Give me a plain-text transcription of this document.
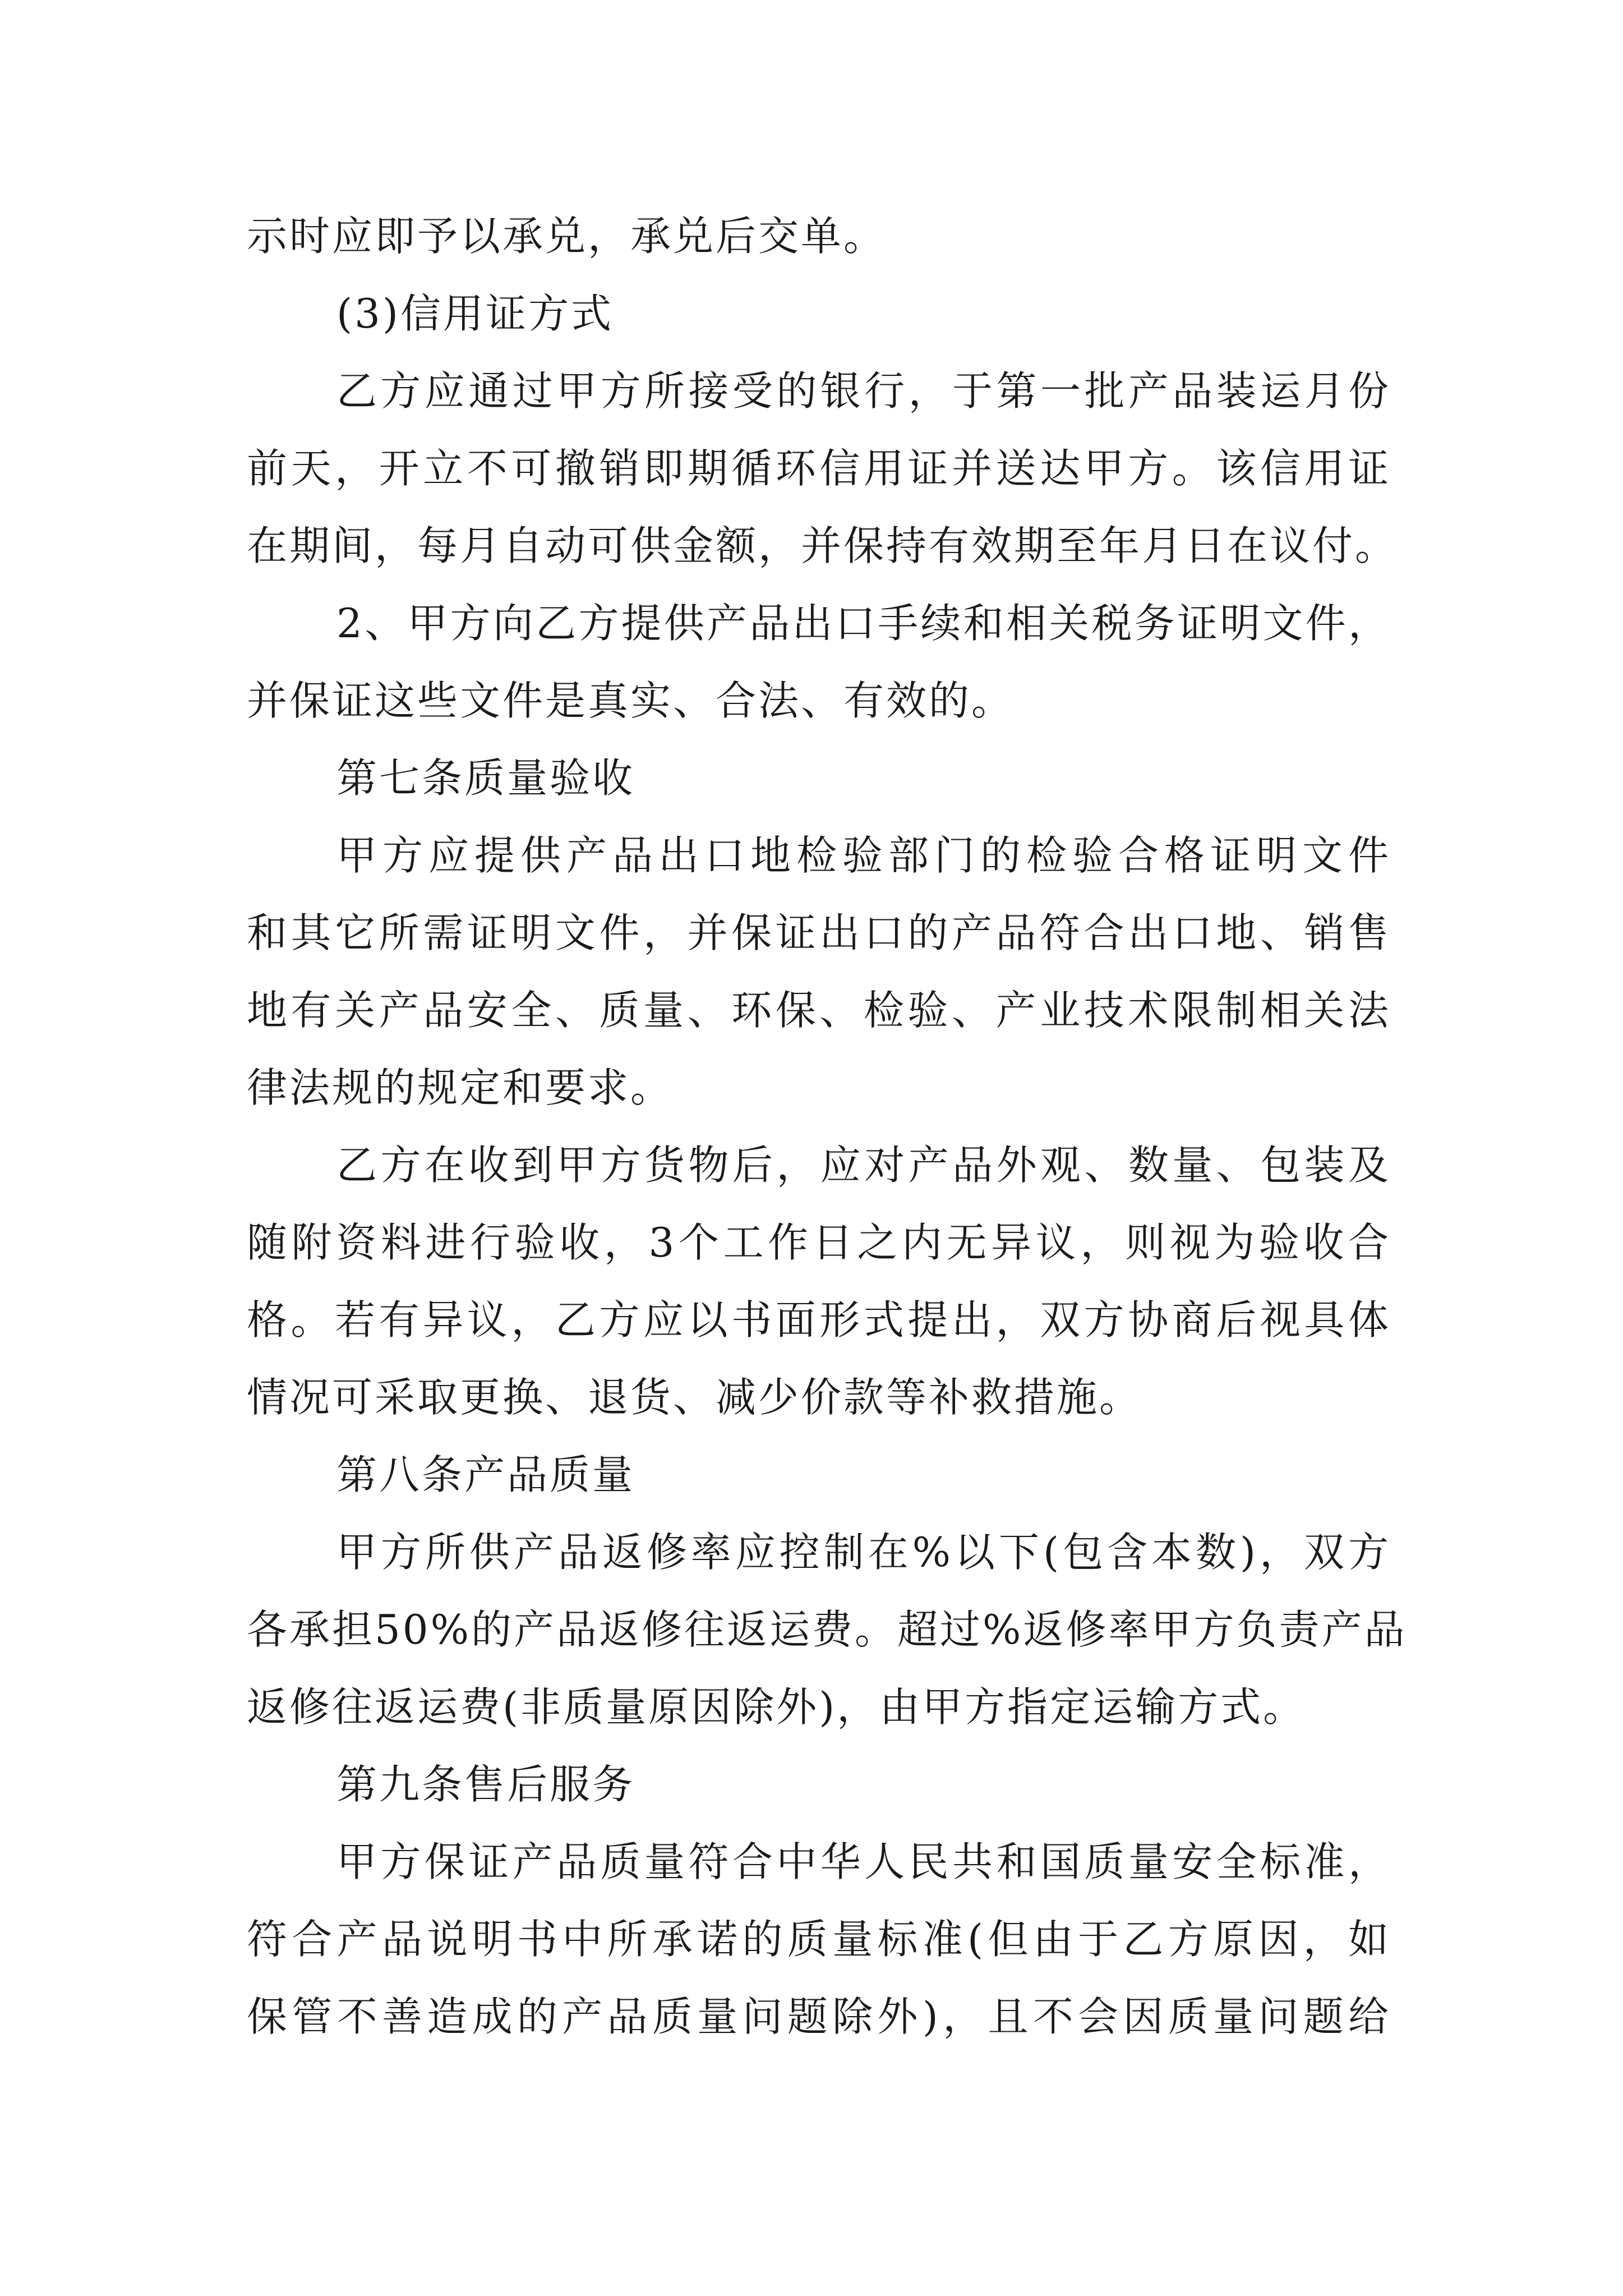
示时应即予以承兑，承兑后交单。
(3)信用证方式
乙方应通过甲方所接受的银行，于第一批产品装运月份
前天，开立不可撤销即期循环信用证并送达甲方。该信用证
在期间，每月自动可供金额，并保持有效期至年月日在议付。
2、甲方向乙方提供产品出口手续和相关税务证明文件，
并保证这些文件是真实、合法、有效的。
第七条质量验收
甲方应提供产品出口地检验部门的检验合格证明文件
和其它所需证明文件，并保证出口的产品符合出口地、销售
地有关产品安全、质量、环保、检验、产业技术限制相关法
律法规的规定和要求。
乙方在收到甲方货物后，应对产品外观、数量、包装及
随附资料进行验收，3个工作日之内无异议，则视为验收合
格。若有异议，乙方应以书面形式提出，双方协商后视具体
情况可采取更换、退货、减少价款等补救措施。
第八条产品质量
甲方所供产品返修率应控制在%以下(包含本数)，双方
各承担50%的产品返修往返运费。超过%返修率甲方负责产品
返修往返运费(非质量原因除外)，由甲方指定运输方式。
第九条售后服务
甲方保证产品质量符合中华人民共和国质量安全标准，
符合产品说明书中所承诺的质量标准(但由于乙方原因，如
保管不善造成的产品质量问题除外)，且不会因质量问题给
